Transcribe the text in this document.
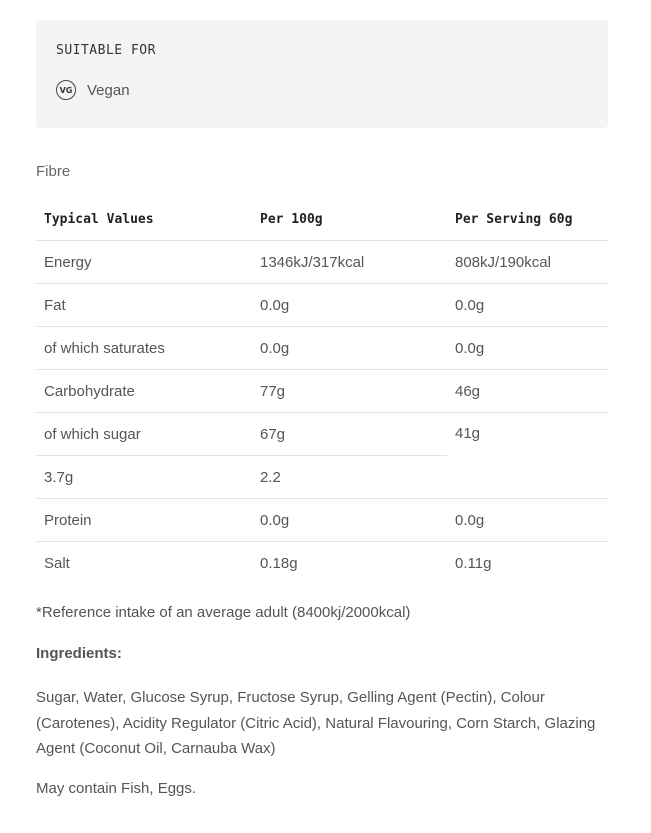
SUITABLE FOR
VG Vegan
Fibre
Typical Values	Per 100g	Per Serving 60g
Energy	1346kJ/317kcal	808kJ/190kcal
Fat	0.0g	0.0g
of which saturates	0.0g	0.0g
Carbohydrate	77g	46g
of which sugar	67g	41g
3.7g	2.2	
Protein	0.0g	0.0g
Salt	0.18g	0.11g
*Reference intake of an average adult (8400kj/2000kcal)
Ingredients:
Sugar, Water, Glucose Syrup, Fructose Syrup, Gelling Agent (Pectin), Colour (Carotenes), Acidity Regulator (Citric Acid), Natural Flavouring, Corn Starch, Glazing Agent (Coconut Oil, Carnauba Wax)
May contain Fish, Eggs.
